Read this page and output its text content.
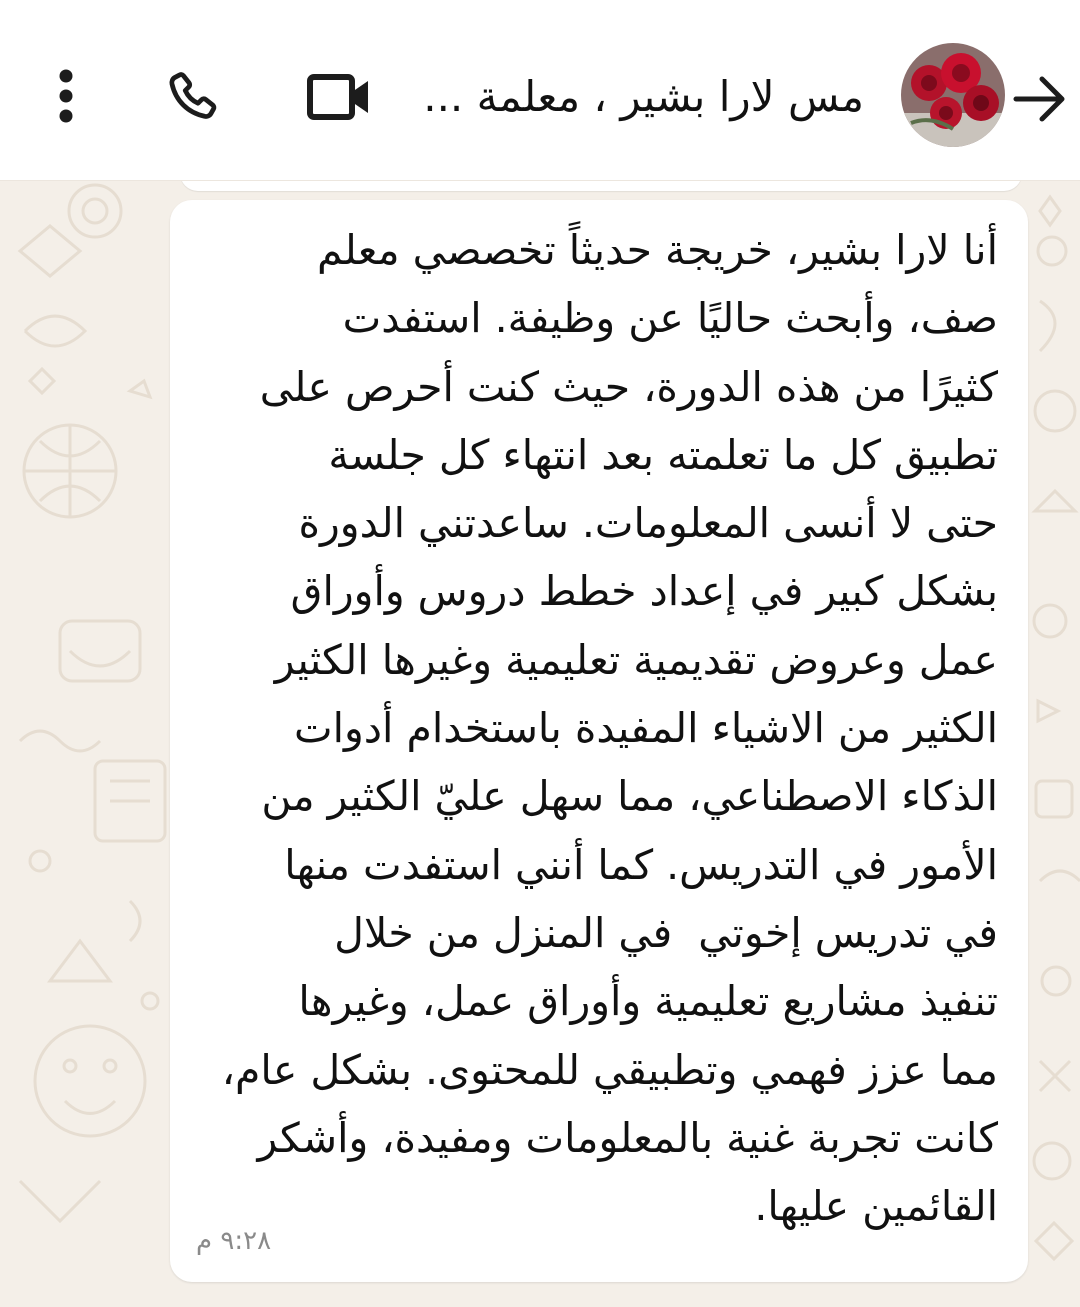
مس لارا بشير ، معلمة ...

أنا لارا بشير، خريجة حديثاً تخصصي معلم
صف، وأبحث حاليًا عن وظيفة. استفدت
كثيرًا من هذه الدورة، حيث كنت أحرص على
تطبيق كل ما تعلمته بعد انتهاء كل جلسة
حتى لا أنسى المعلومات. ساعدتني الدورة
بشكل كبير في إعداد خطط دروس وأوراق
عمل وعروض تقديمية تعليمية وغيرها الكثير
الكثير من الاشياء المفيدة باستخدام أدوات
الذكاء الاصطناعي، مما سهل عليّ الكثير من
الأمور في التدريس. كما أنني استفدت منها
في تدريس إخوتي  في المنزل من خلال
تنفيذ مشاريع تعليمية وأوراق عمل، وغيرها
مما عزز فهمي وتطبيقي للمحتوى. بشكل عام،
كانت تجربة غنية بالمعلومات ومفيدة، وأشكر
القائمين عليها.

٩:٢٨ م
